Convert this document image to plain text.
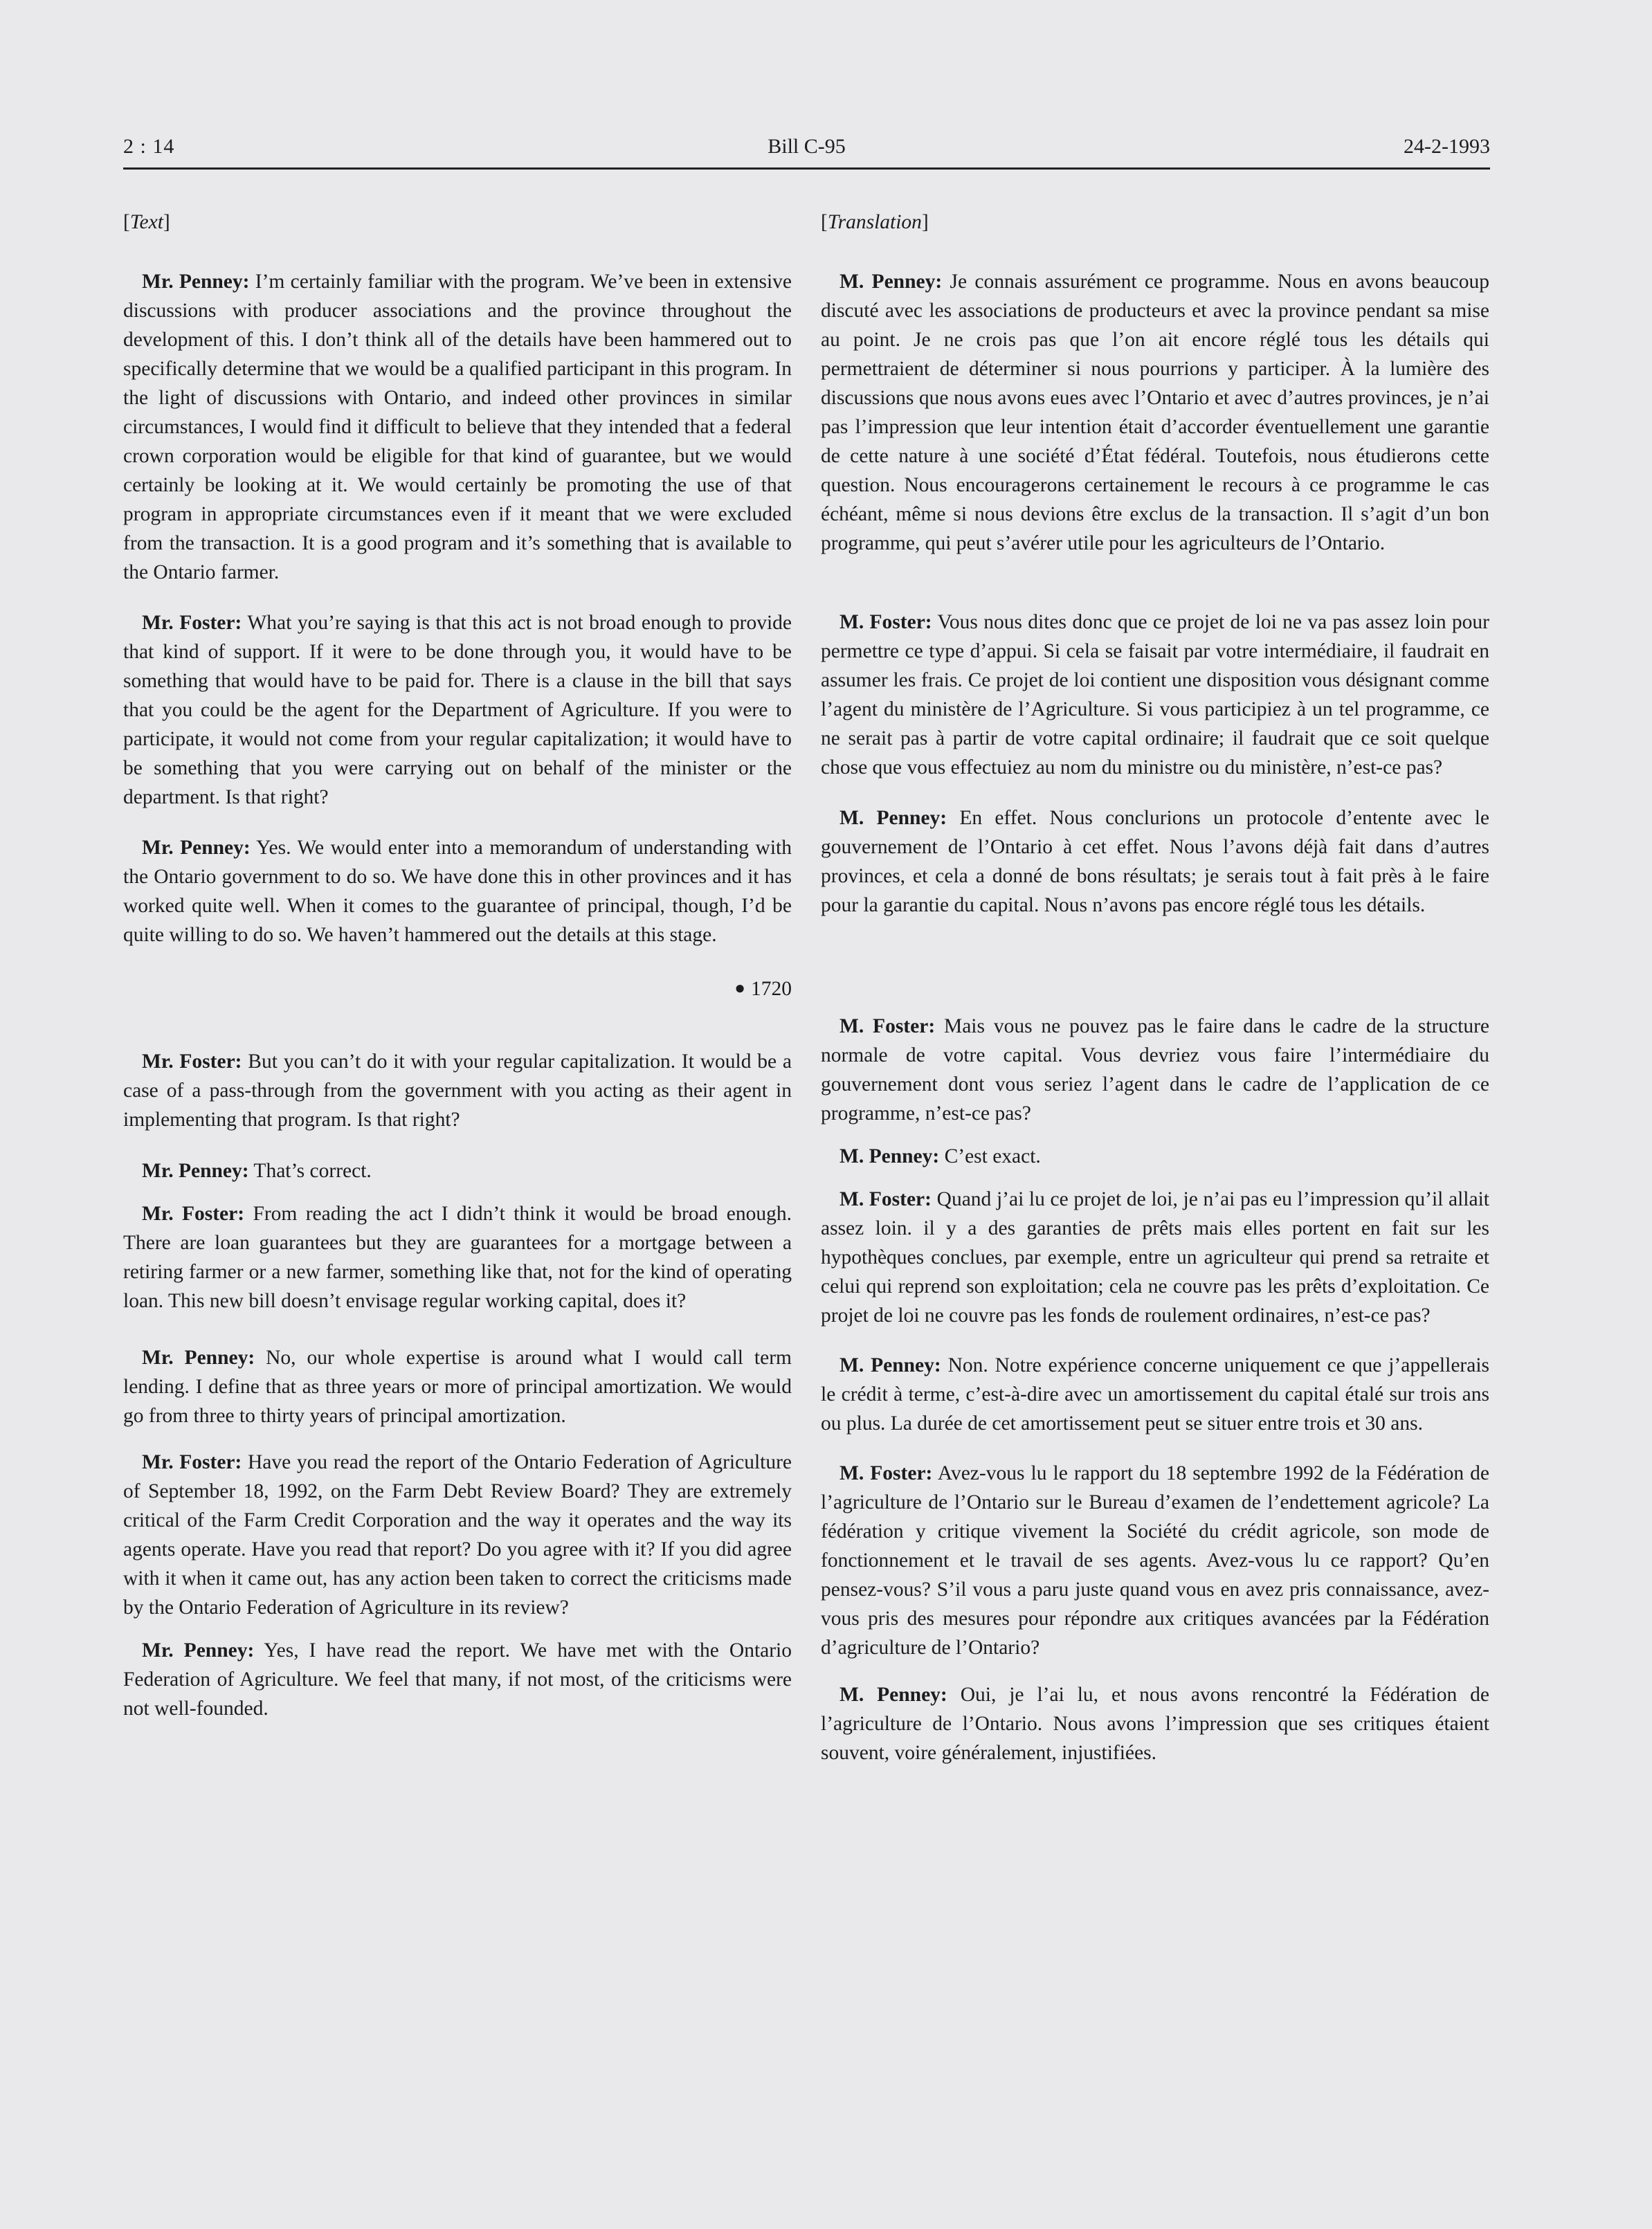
2 : 14	Bill C-95	24-2-1993

[Text]

Mr. Penney: I’m certainly familiar with the program. We’ve been in extensive discussions with producer associations and the province throughout the development of this. I don’t think all of the details have been hammered out to specifically determine that we would be a qualified participant in this program. In the light of discussions with Ontario, and indeed other provinces in similar circumstances, I would find it difficult to believe that they intended that a federal crown corporation would be eligible for that kind of guarantee, but we would certainly be looking at it. We would certainly be promoting the use of that program in appropriate circumstances even if it meant that we were excluded from the transaction. It is a good program and it’s something that is available to the Ontario farmer.

Mr. Foster: What you’re saying is that this act is not broad enough to provide that kind of support. If it were to be done through you, it would have to be something that would have to be paid for. There is a clause in the bill that says that you could be the agent for the Department of Agriculture. If you were to participate, it would not come from your regular capitalization; it would have to be something that you were carrying out on behalf of the minister or the department. Is that right?

Mr. Penney: Yes. We would enter into a memorandum of understanding with the Ontario government to do so. We have done this in other provinces and it has worked quite well. When it comes to the guarantee of principal, though, I’d be quite willing to do so. We haven’t hammered out the details at this stage.

● 1720

Mr. Foster: But you can’t do it with your regular capitalization. It would be a case of a pass-through from the government with you acting as their agent in implementing that program. Is that right?

Mr. Penney: That’s correct.

Mr. Foster: From reading the act I didn’t think it would be broad enough. There are loan guarantees but they are guarantees for a mortgage between a retiring farmer or a new farmer, something like that, not for the kind of operating loan. This new bill doesn’t envisage regular working capital, does it?

Mr. Penney: No, our whole expertise is around what I would call term lending. I define that as three years or more of principal amortization. We would go from three to thirty years of principal amortization.

Mr. Foster: Have you read the report of the Ontario Federation of Agriculture of September 18, 1992, on the Farm Debt Review Board? They are extremely critical of the Farm Credit Corporation and the way it operates and the way its agents operate. Have you read that report? Do you agree with it? If you did agree with it when it came out, has any action been taken to correct the criticisms made by the Ontario Federation of Agriculture in its review?

Mr. Penney: Yes, I have read the report. We have met with the Ontario Federation of Agriculture. We feel that many, if not most, of the criticisms were not well-founded.

[Translation]

M. Penney: Je connais assurément ce programme. Nous en avons beaucoup discuté avec les associations de producteurs et avec la province pendant sa mise au point. Je ne crois pas que l’on ait encore réglé tous les détails qui permettraient de déterminer si nous pourrions y participer. À la lumière des discussions que nous avons eues avec l’Ontario et avec d’autres provinces, je n’ai pas l’impression que leur intention était d’accorder éventuellement une garantie de cette nature à une société d’État fédéral. Toutefois, nous étudierons cette question. Nous encouragerons certainement le recours à ce programme le cas échéant, même si nous devions être exclus de la transaction. Il s’agit d’un bon programme, qui peut s’avérer utile pour les agriculteurs de l’Ontario.

M. Foster: Vous nous dites donc que ce projet de loi ne va pas assez loin pour permettre ce type d’appui. Si cela se faisait par votre intermédiaire, il faudrait en assumer les frais. Ce projet de loi contient une disposition vous désignant comme l’agent du ministère de l’Agriculture. Si vous participiez à un tel programme, ce ne serait pas à partir de votre capital ordinaire; il faudrait que ce soit quelque chose que vous effectuiez au nom du ministre ou du ministère, n’est-ce pas?

M. Penney: En effet. Nous conclurions un protocole d’entente avec le gouvernement de l’Ontario à cet effet. Nous l’avons déjà fait dans d’autres provinces, et cela a donné de bons résultats; je serais tout à fait près à le faire pour la garantie du capital. Nous n’avons pas encore réglé tous les détails.

M. Foster: Mais vous ne pouvez pas le faire dans le cadre de la structure normale de votre capital. Vous devriez vous faire l’intermédiaire du gouvernement dont vous seriez l’agent dans le cadre de l’application de ce programme, n’est-ce pas?

M. Penney: C’est exact.

M. Foster: Quand j’ai lu ce projet de loi, je n’ai pas eu l’impression qu’il allait assez loin. il y a des garanties de prêts mais elles portent en fait sur les hypothèques conclues, par exemple, entre un agriculteur qui prend sa retraite et celui qui reprend son exploitation; cela ne couvre pas les prêts d’exploitation. Ce projet de loi ne couvre pas les fonds de roulement ordinaires, n’est-ce pas?

M. Penney: Non. Notre expérience concerne uniquement ce que j’appellerais le crédit à terme, c’est-à-dire avec un amortissement du capital étalé sur trois ans ou plus. La durée de cet amortissement peut se situer entre trois et 30 ans.

M. Foster: Avez-vous lu le rapport du 18 septembre 1992 de la Fédération de l’agriculture de l’Ontario sur le Bureau d’examen de l’endettement agricole? La fédération y critique vivement la Société du crédit agricole, son mode de fonctionnement et le travail de ses agents. Avez-vous lu ce rapport? Qu’en pensez-vous? S’il vous a paru juste quand vous en avez pris connaissance, avez-vous pris des mesures pour répondre aux critiques avancées par la Fédération d’agriculture de l’Ontario?

M. Penney: Oui, je l’ai lu, et nous avons rencontré la Fédération de l’agriculture de l’Ontario. Nous avons l’impression que ses critiques étaient souvent, voire généralement, injustifiées.
